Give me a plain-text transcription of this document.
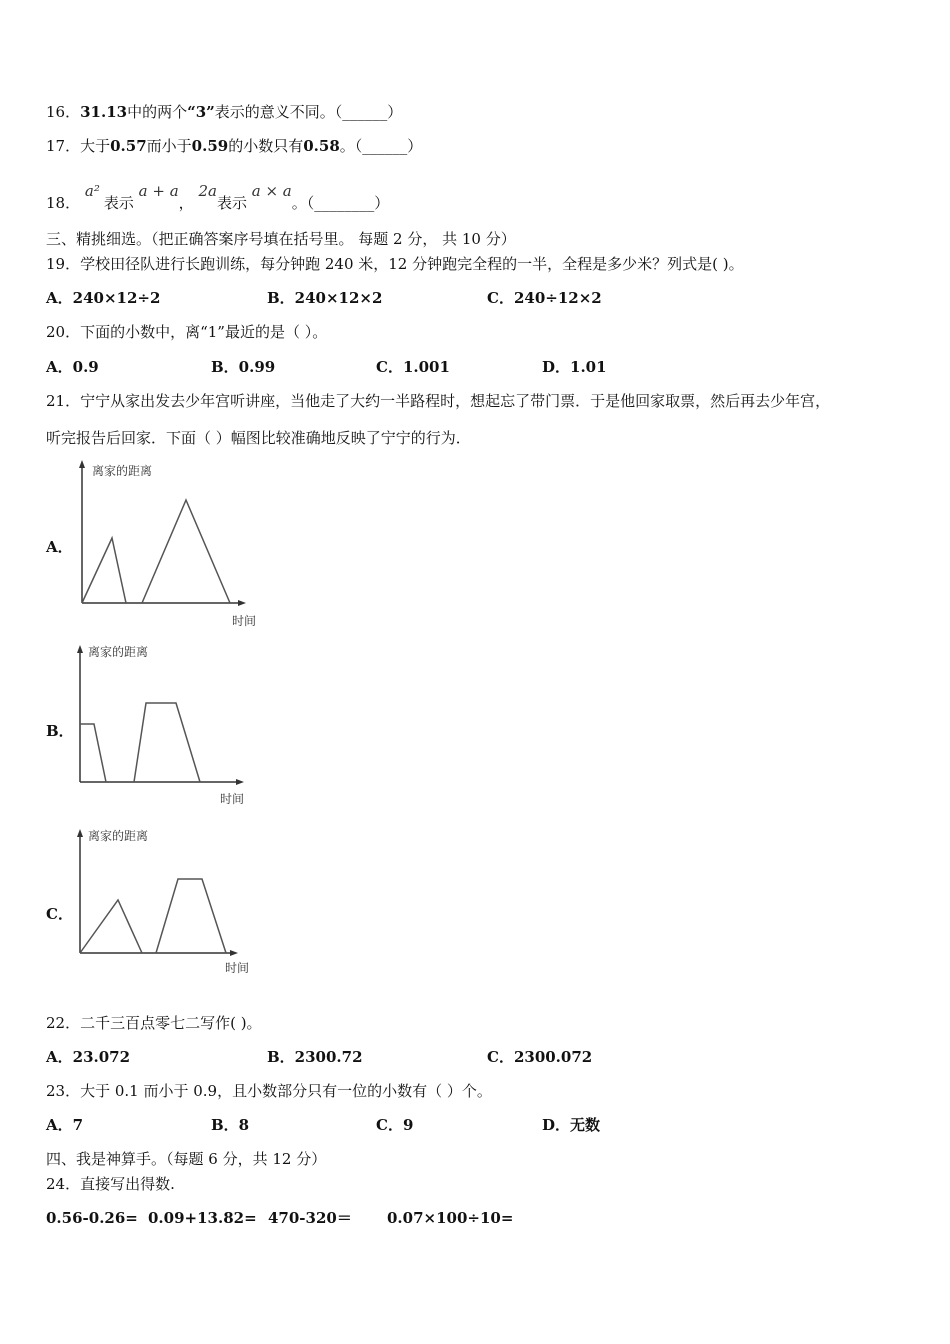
16．31.13中的两个“3”表示的意义不同。（______）
17．大于0.57而小于0.59的小数只有0.58。（______）
18． a²表示 a + a， 2a表示 a × a。（________）
三、精挑细选。（把正确答案序号填在括号里。 每题 2 分， 共 10 分）
19．学校田径队进行长跑训练，每分钟跑 240 米，12 分钟跑完全程的一半，全程是多少米？列式是( )。
A．240×12÷2	B．240×12×2	C．240÷12×2
20．下面的小数中，离“1”最近的是（ ）。
A．0.9	B．0.99	C．1.001	D．1.01
21．宁宁从家出发去少年宫听讲座，当他走了大约一半路程时，想起忘了带门票．于是他回家取票，然后再去少年宫，
听完报告后回家．下面（ ）幅图比较准确地反映了宁宁的行为．
A．
离家的距离
时间
B．
离家的距离
时间
C．
离家的距离
时间
22．二千三百点零七二写作( )。
A．23.072	B．2300.72	C．2300.072
23．大于 0.1 而小于 0.9，且小数部分只有一位的小数有（ ）个。
A．7	B．8	C．9	D．无数
四、我是神算手。（每题 6 分，共 12 分）
24．直接写出得数.
0.56-0.26= 0.09+13.82= 470-320＝ 0.07×100÷10=
